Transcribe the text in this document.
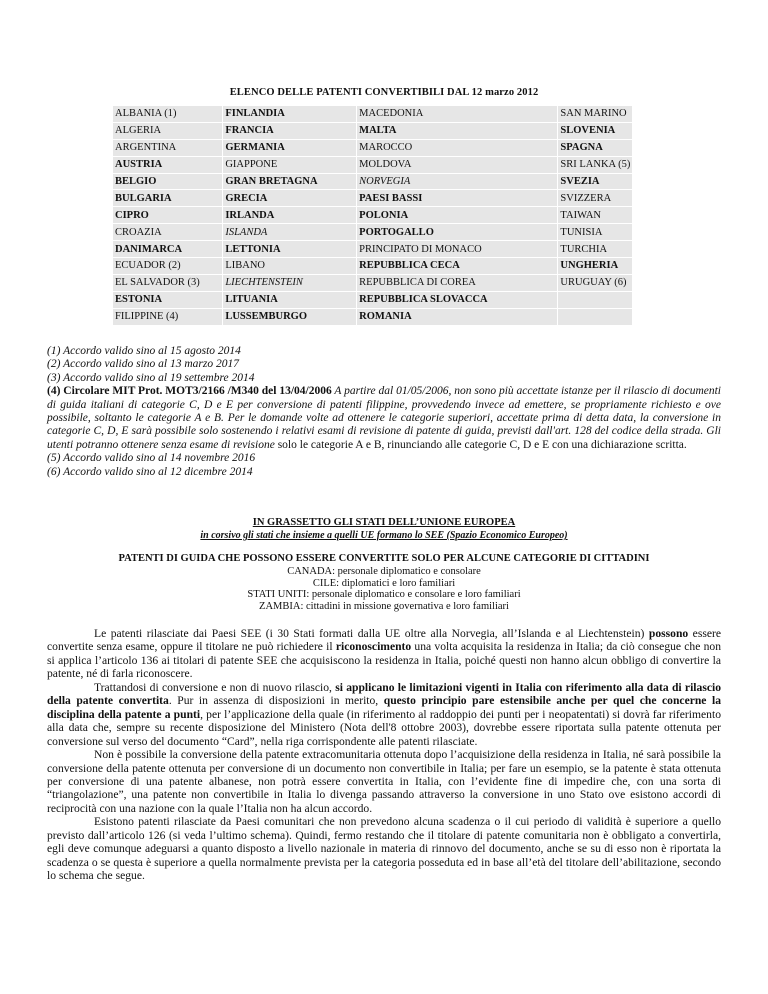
ELENCO DELLE PATENTI CONVERTIBILI DAL 12 marzo 2012
ALBANIA (1)	FINLANDIA	MACEDONIA	SAN MARINO
ALGERIA	FRANCIA	MALTA	SLOVENIA
ARGENTINA	GERMANIA	MAROCCO	SPAGNA
AUSTRIA	GIAPPONE	MOLDOVA	SRI LANKA (5)
BELGIO	GRAN BRETAGNA	NORVEGIA	SVEZIA
BULGARIA	GRECIA	PAESI BASSI	SVIZZERA
CIPRO	IRLANDA	POLONIA	TAIWAN
CROAZIA	ISLANDA	PORTOGALLO	TUNISIA
DANIMARCA	LETTONIA	PRINCIPATO DI MONACO	TURCHIA
ECUADOR (2)	LIBANO	REPUBBLICA CECA	UNGHERIA
EL SALVADOR (3)	LIECHTENSTEIN	REPUBBLICA DI COREA	URUGUAY (6)
ESTONIA	LITUANIA	REPUBBLICA SLOVACCA	
FILIPPINE (4)	LUSSEMBURGO	ROMANIA	
(1) Accordo valido sino al 15 agosto 2014
(2) Accordo valido sino al 13 marzo 2017
(3) Accordo valido sino al 19 settembre 2014
(4) Circolare MIT Prot. MOT3/2166 /M340 del 13/04/2006 A partire dal 01/05/2006, non sono più accettate istanze per il rilascio di documenti di guida italiani di categorie C, D e E per conversione di patenti filippine, provvedendo invece ad emettere, se propriamente richiesto e ove possibile, soltanto le categorie A e B. Per le domande volte ad ottenere le categorie superiori, accettate prima di detta data, la conversione in categorie C, D, E sarà possibile solo sostenendo i relativi esami di revisione di patente di guida, previsti dall'art. 128 del codice della strada. Gli utenti potranno ottenere senza esame di revisione solo le categorie A e B, rinunciando alle categorie C, D e E con una dichiarazione scritta.
(5) Accordo valido sino al 14 novembre 2016
(6) Accordo valido sino al 12 dicembre 2014
IN GRASSETTO GLI STATI DELL’UNIONE EUROPEA
in corsivo gli stati che insieme a quelli UE formano lo SEE (Spazio Economico Europeo)
PATENTI DI GUIDA CHE POSSONO ESSERE CONVERTITE SOLO PER ALCUNE CATEGORIE DI CITTADINI
CANADA: personale diplomatico e consolare
CILE: diplomatici e loro familiari
STATI UNITI: personale diplomatico e consolare e loro familiari
ZAMBIA: cittadini in missione governativa e loro familiari

Le patenti rilasciate dai Paesi SEE (i 30 Stati formati dalla UE oltre alla Norvegia, all’Islanda e al Liechtenstein) possono essere convertite senza esame, oppure il titolare ne può richiedere il riconoscimento una volta acquisita la residenza in Italia; da ciò consegue che non si applica l’articolo 136 ai titolari di patente SEE che acquisiscono la residenza in Italia, poiché questi non hanno alcun obbligo di convertire la patente, né di farla riconoscere.

Trattandosi di conversione e non di nuovo rilascio, si applicano le limitazioni vigenti in Italia con riferimento alla data di rilascio della patente convertita. Pur in assenza di disposizioni in merito, questo principio pare estensibile anche per quel che concerne la disciplina della patente a punti, per l’applicazione della quale (in riferimento al raddoppio dei punti per i neopatentati) si dovrà far riferimento alla data che, sempre su recente disposizione del Ministero (Nota dell'8 ottobre 2003), dovrebbe essere riportata sulla patente ottenuta per conversione sul verso del documento “Card”, nella riga corrispondente alle patenti rilasciate.

Non è possibile la conversione della patente extracomunitaria ottenuta dopo l’acquisizione della residenza in Italia, né sarà possibile la conversione della patente ottenuta per conversione di un documento non convertibile in Italia; per fare un esempio, se la patente è stata ottenuta per conversione di una patente albanese, non potrà essere convertita in Italia, con l’evidente fine di impedire che, con una sorta di “triangolazione”, una patente non convertibile in Italia lo divenga passando attraverso la conversione in uno Stato ove esistono accordi di reciprocità con una nazione con la quale l’Italia non ha alcun accordo.

Esistono patenti rilasciate da Paesi comunitari che non prevedono alcuna scadenza o il cui periodo di validità è superiore a quello previsto dall’articolo 126 (si veda l’ultimo schema). Quindi, fermo restando che il titolare di patente comunitaria non è obbligato a convertirla, egli deve comunque adeguarsi a quanto disposto a livello nazionale in materia di rinnovo del documento, anche se su di esso non è riportata la scadenza o se questa è superiore a quella normalmente prevista per la categoria posseduta ed in base all’età del titolare dell’abilitazione, secondo lo schema che segue.
